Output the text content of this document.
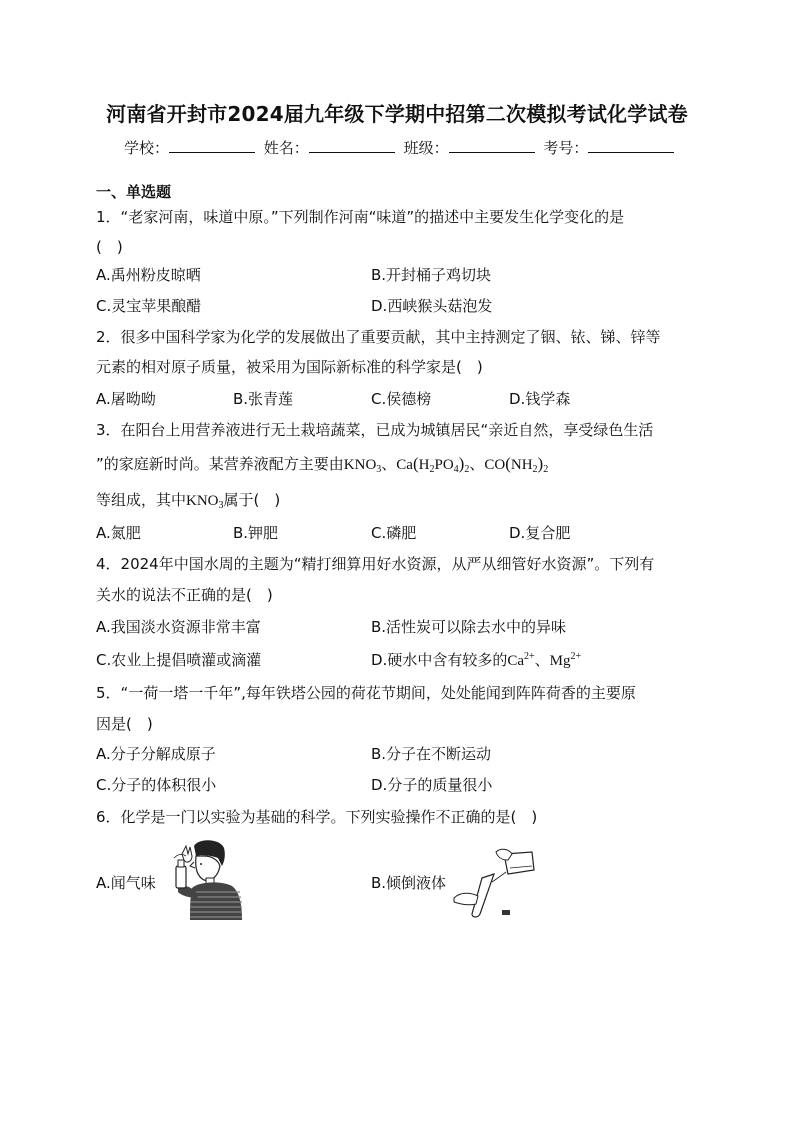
河南省开封市2024届九年级下学期中招第二次模拟考试化学试卷
学校：	姓名：	班级：	考号：
一、单选题
1．“老家河南，味道中原。”下列制作河南“味道”的描述中主要发生化学变化的是
(　)
A.禹州粉皮晾晒	B.开封桶子鸡切块
C.灵宝苹果酿醋	D.西峡猴头菇泡发
2．很多中国科学家为化学的发展做出了重要贡献，其中主持测定了铟、铱、锑、锌等
元素的相对原子质量，被采用为国际新标准的科学家是(　)
A.屠呦呦	B.张青莲	C.侯德榜	D.钱学森
3．在阳台上用营养液进行无土栽培蔬菜，已成为城镇居民“亲近自然，享受绿色生活
”的家庭新时尚。某营养液配方主要由$KNO_3$、$Ca(H_2PO_4)_2$、$CO(NH_2)_2$
等组成，其中$KNO_3$属于(　)
A.氮肥	B.钾肥	C.磷肥	D.复合肥
4．2024年中国水周的主题为“精打细算用好水资源，从严从细管好水资源”。下列有
关水的说法不正确的是(　)
A.我国淡水资源非常丰富	B.活性炭可以除去水中的异味
C.农业上提倡喷灌或滴灌	D.硬水中含有较多的$Ca^{2+}$、$Mg^{2+}$
5．“一荷一塔一千年”,每年铁塔公园的荷花节期间，处处能闻到阵阵荷香的主要原
因是(　)
A.分子分解成原子	B.分子在不断运动
C.分子的体积很小	D.分子的质量很小
6．化学是一门以实验为基础的科学。下列实验操作不正确的是(　)
A.闻气味	B.倾倒液体
